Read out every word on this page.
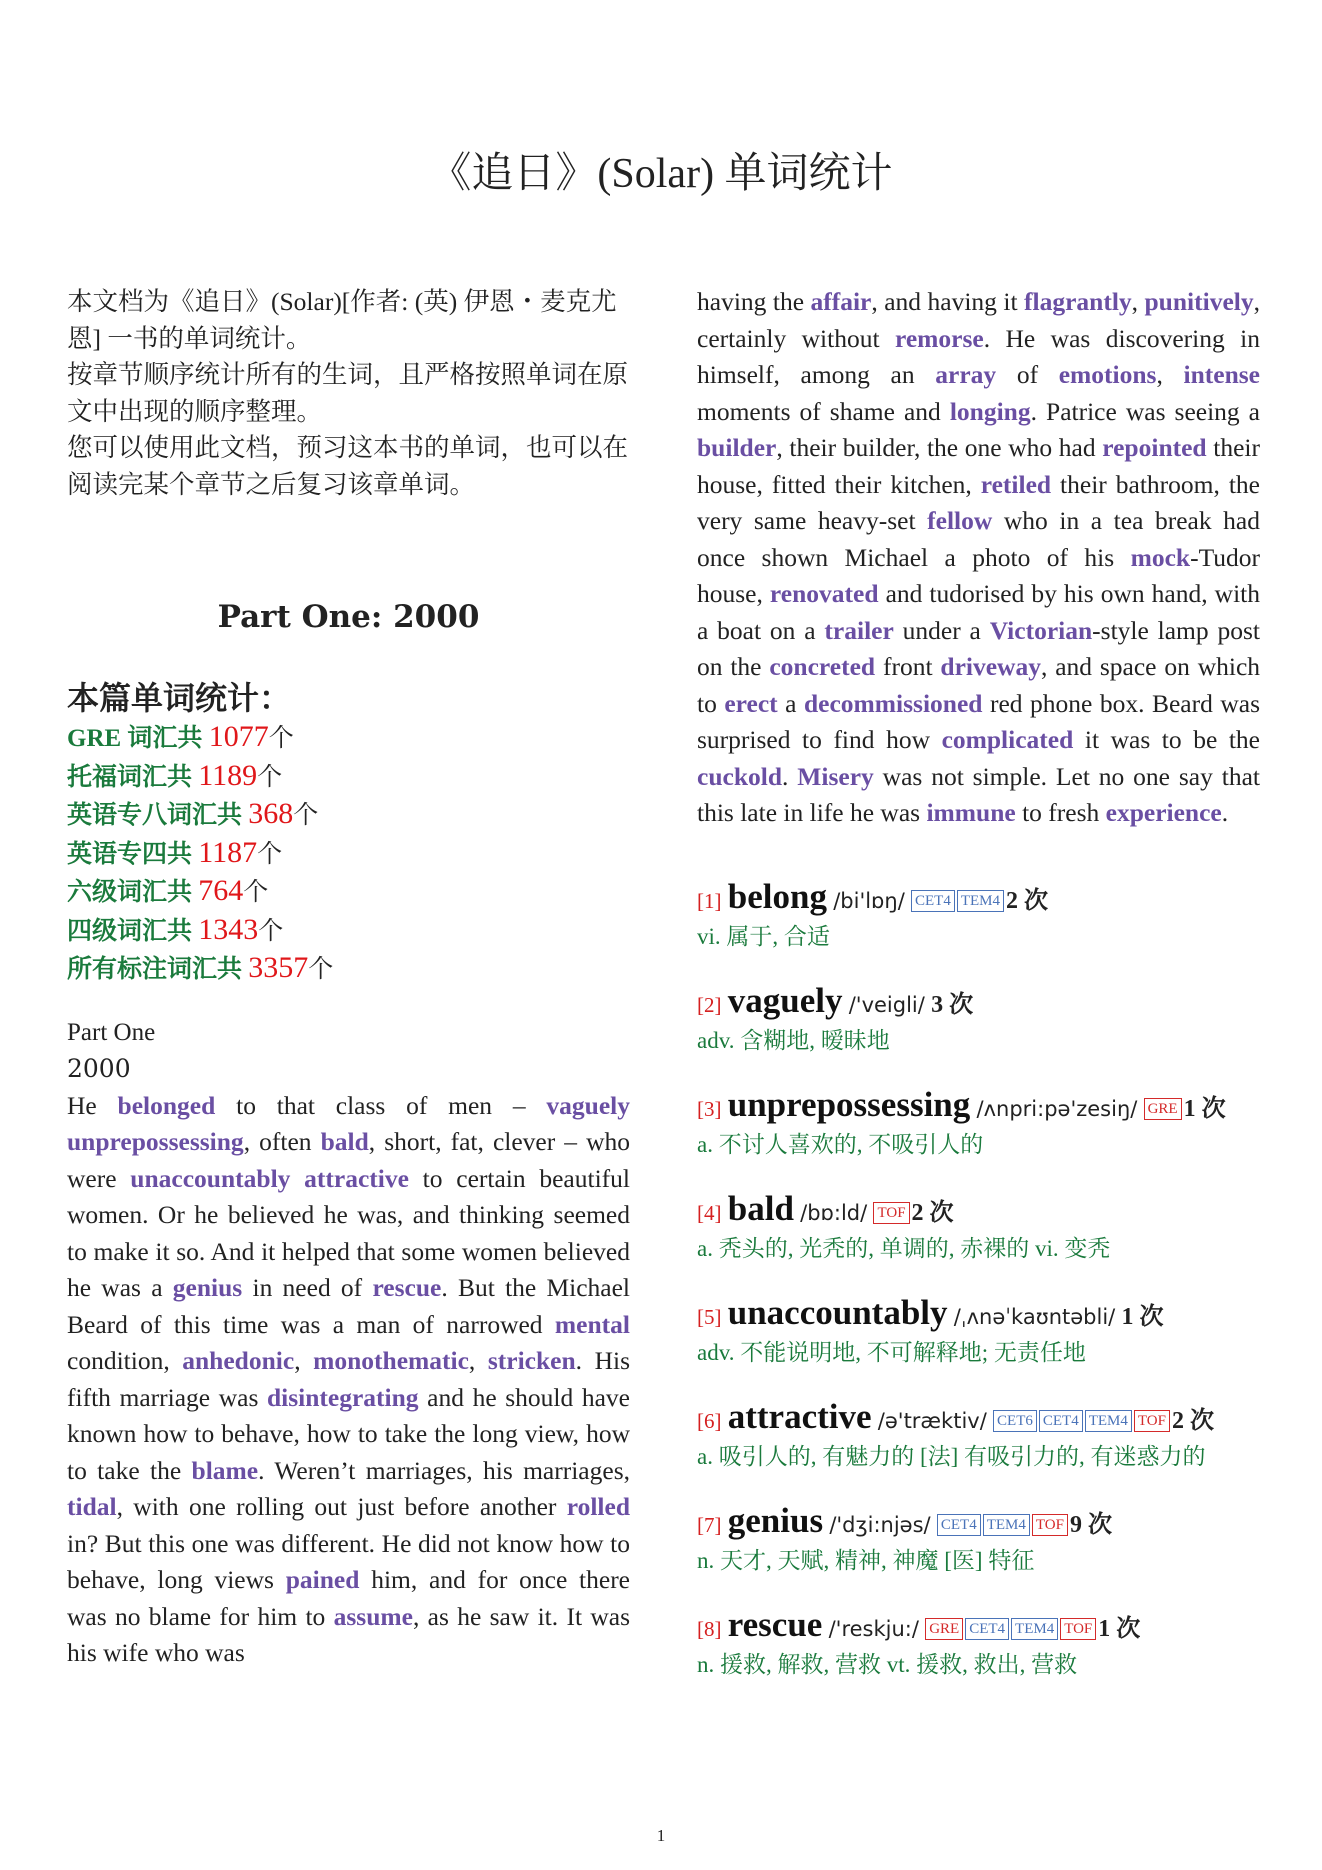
《追日》(Solar) 单词统计

本文档为《追日》(Solar)[作者: (英) 伊恩・麦克尤恩] 一书的单词统计。

按章节顺序统计所有的生词，且严格按照单词在原文中出现的顺序整理。

您可以使用此文档，预习这本书的单词，也可以在阅读完某个章节之后复习该章单词。

Part One: 2000
本篇单词统计：
GRE 词汇共 1077个
托福词汇共 1189个
英语专八词汇共 368个
英语专四共 1187个
六级词汇共 764个
四级词汇共 1343个
所有标注词汇共 3357个
Part One
2000
He belonged to that class of men – vaguely unprepossessing, often bald, short, fat, clever – who were unaccountably attractive to certain beautiful women. Or he believed he was, and thinking seemed to make it so. And it helped that some women believed he was a genius in need of rescue. But the Michael Beard of this time was a man of narrowed mental condition, anhedonic, monothematic, stricken. His fifth marriage was disintegrating and he should have known how to behave, how to take the long view, how to take the blame. Weren’t marriages, his marriages, tidal, with one rolling out just before another rolled in? But this one was different. He did not know how to behave, long views pained him, and for once there was no blame for him to assume, as he saw it. It was his wife who was
having the affair, and having it flagrantly, punitively, certainly without remorse. He was discovering in himself, among an array of emotions, intense moments of shame and longing. Patrice was seeing a builder, their builder, the one who had repointed their house, fitted their kitchen, retiled their bathroom, the very same heavy-set fellow who in a tea break had once shown Michael a photo of his mock-Tudor house, renovated and tudorised by his own hand, with a boat on a trailer under a Victorian-style lamp post on the concreted front driveway, and space on which to erect a decommissioned red phone box. Beard was surprised to find how complicated it was to be the cuckold. Misery was not simple. Let no one say that this late in life he was immune to fresh experience.
[1] belong /bi'lɒŋ/ CET4 TEM4 2 次
vi. 属于, 合适
[2] vaguely /'veigli/ 3 次
adv. 含糊地, 暧昧地
[3] unprepossessing /ʌnpri:pə'zesiŋ/ GRE 1 次
a. 不讨人喜欢的, 不吸引人的
[4] bald /bɒ:ld/ TOF 2 次
a. 秃头的, 光秃的, 单调的, 赤裸的 vi. 变秃
[5] unaccountably /ˌʌnəˈkaʊntəbli/ 1 次
adv. 不能说明地, 不可解释地; 无责任地
[6] attractive /ə'træktiv/ CET6 CET4 TEM4 TOF 2 次
a. 吸引人的, 有魅力的 [法] 有吸引力的, 有迷惑力的
[7] genius /'dʒi:njəs/ CET4 TEM4 TOF 9 次
n. 天才, 天赋, 精神, 神魔 [医] 特征
[8] rescue /'reskju:/ GRE CET4 TEM4 TOF 1 次
n. 援救, 解救, 营救 vt. 援救, 救出, 营救
1
